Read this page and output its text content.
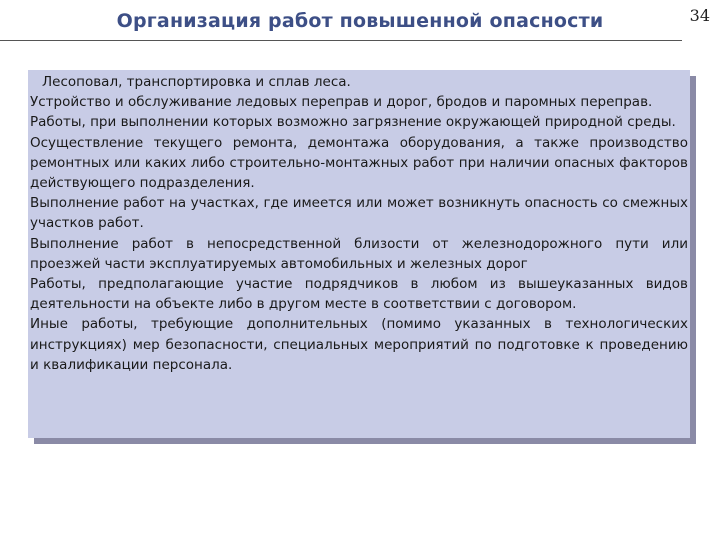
Организация работ повышенной опасности	34
Лесоповал, транспортировка и сплав леса.
Устройство и обслуживание ледовых переправ и дорог, бродов и паромных переправ.
Работы, при выполнении которых возможно загрязнение окружающей природной среды.
Осуществление текущего ремонта, демонтажа оборудования, а также производство ремонтных или каких либо строительно-монтажных работ при наличии опасных факторов действующего подразделения.
Выполнение работ на участках, где имеется или может возникнуть опасность со смежных участков работ.
Выполнение работ в непосредственной близости от железнодорожного пути или проезжей части эксплуатируемых автомобильных и железных дорог
Работы, предполагающие участие подрядчиков в любом из вышеуказанных видов деятельности на объекте либо в другом месте в соответствии с договором.
Иные работы, требующие дополнительных (помимо указанных в технологических инструкциях) мер безопасности, специальных мероприятий по подготовке к проведению и квалификации персонала.
